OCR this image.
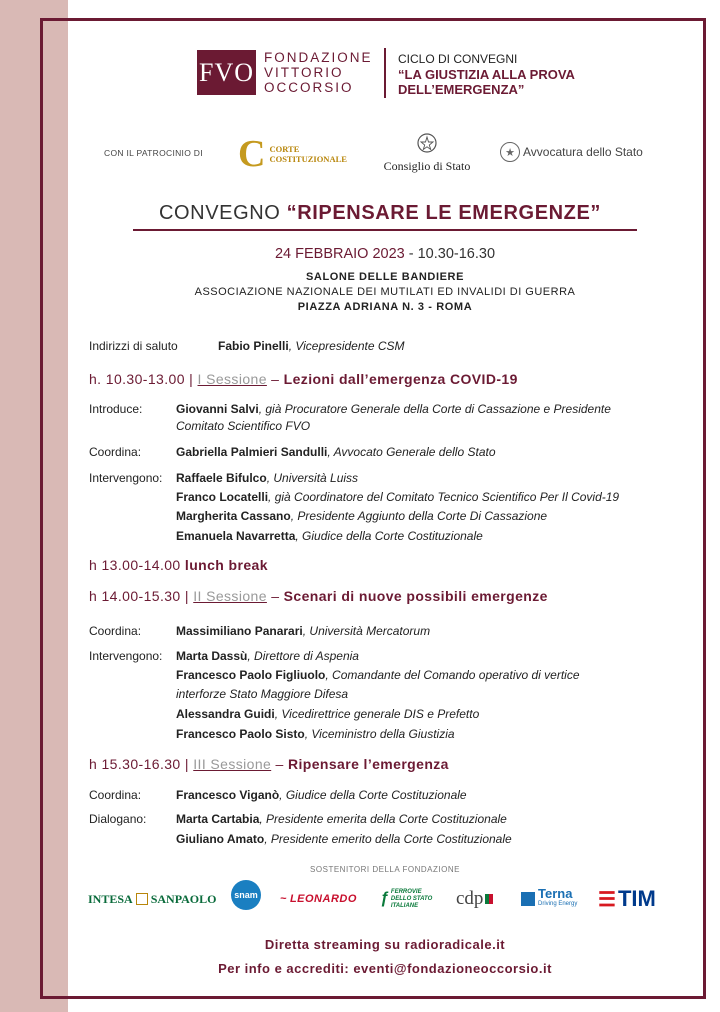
FVO FONDAZIONE
VITTORIO
OCCORSIO
CICLO DI CONVEGNI
“LA GIUSTIZIA ALLA PROVA
DELL’EMERGENZA”
CON IL PATROCINIO DI C CORTE
COSTITUZIONALE	Consiglio di Stato
★ Avvocatura dello Stato
CONVEGNO “RIPENSARE LE EMERGENZE”
24 FEBBRAIO 2023 - 10.30-16.30
SALONE DELLE BANDIERE
ASSOCIAZIONE NAZIONALE DEI MUTILATI ED INVALIDI DI GUERRA
PIAZZA ADRIANA N. 3 - ROMA
Indirizzi di saluto	Fabio Pinelli, Vicepresidente CSM
h. 10.30-13.00 | I Sessione – Lezioni dall’emergenza COVID-19
Introduce:	Giovanni Salvi, già Procuratore Generale della Corte di Cassazione e Presidente
Comitato Scientifico FVO
Coordina:	Gabriella Palmieri Sandulli, Avvocato Generale dello Stato
Intervengono: Raffaele Bifulco, Università Luiss
Franco Locatelli, già Coordinatore del Comitato Tecnico Scientifico Per Il Covid-19
Margherita Cassano, Presidente Aggiunto della Corte Di Cassazione
Emanuela Navarretta, Giudice della Corte Costituzionale
h 13.00-14.00 lunch break
h 14.00-15.30 | II Sessione – Scenari di nuove possibili emergenze
Coordina:	Massimiliano Panarari, Università Mercatorum
Intervengono: Marta Dassù, Direttore di Aspenia
Francesco Paolo Figliuolo, Comandante del Comando operativo di vertice
interforze Stato Maggiore Difesa
Alessandra Guidi, Vicedirettrice generale DIS e Prefetto
Francesco Paolo Sisto, Viceministro della Giustizia
h 15.30-16.30 | III Sessione – Ripensare l’emergenza
Coordina:	Francesco Viganò, Giudice della Corte Costituzionale
Dialogano: Marta Cartabia, Presidente emerita della Corte Costituzionale
Giuliano Amato, Presidente emerito della Corte Costituzionale
SOSTENITORI DELLA FONDAZIONE
INTESA SANPAOLO snam ~ LEONARDO ƒ FERROVIE
DELLO STATO
ITALIANE	cdp	Terna
Driving Energy ☰ TIM
Diretta streaming su radioradicale.it
Per info e accrediti: eventi@fondazioneoccorsio.it
